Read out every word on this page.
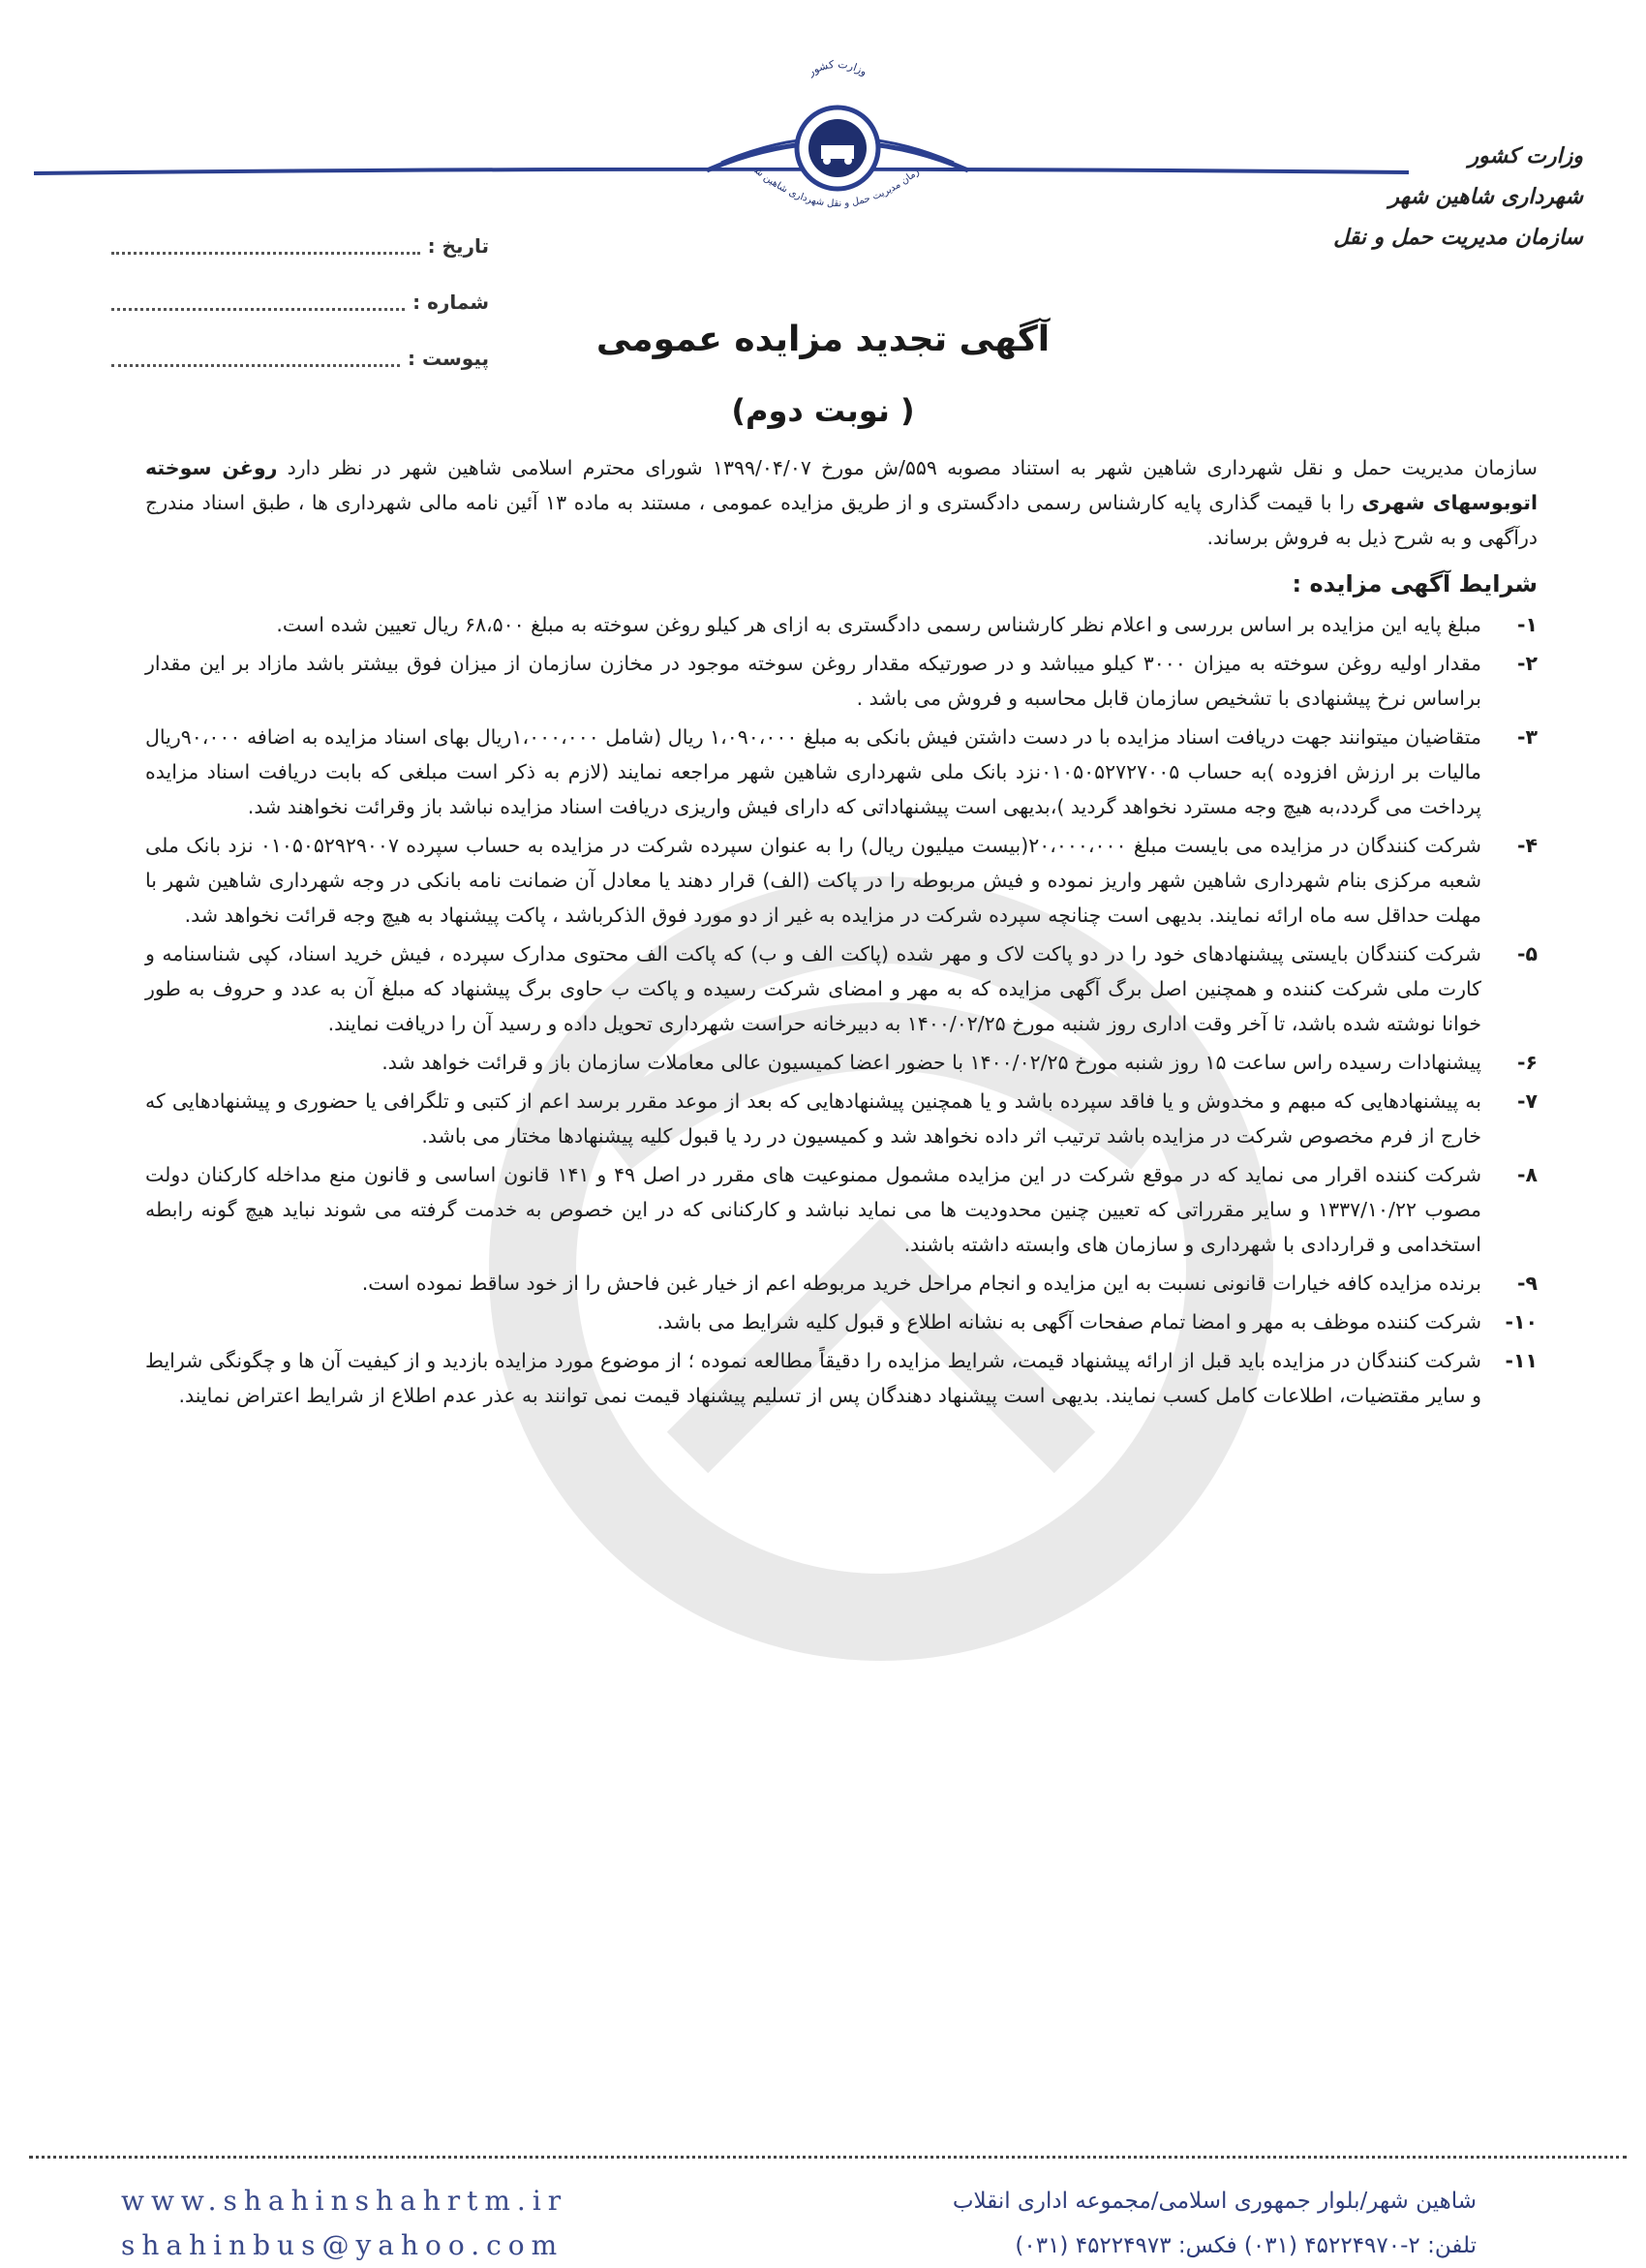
وزارت کشور
شهرداری شاهین شهر
سازمان مدیریت حمل و نقل
وزارت کشور
زمان مدیریت حمل و نقل شهرداری شاهین ش
تاریخ :
شماره :
پیوست :	آگهی تجدید مزایده عمومی
( نوبت دوم)

سازمان مدیریت حمل و نقل شهرداری شاهین شهر به استناد مصوبه ۵۵۹/ش مورخ ۱۳۹۹/۰۴/۰۷ شورای محترم اسلامی شاهین شهر در نظر دارد روغن سوخته اتوبوسهای شهری را با قیمت گذاری پایه کارشناس رسمی دادگستری و از طریق مزایده عمومی ، مستند به ماده ۱۳ آئین نامه مالی شهرداری ها ، طبق اسناد مندرج درآگهی و به شرح ذیل به فروش برساند.

شرایط آگهی مزایده :
۱-
مبلغ پایه این مزایده بر اساس بررسی و اعلام نظر کارشناس رسمی دادگستری به ازای هر کیلو روغن سوخته به مبلغ ۶۸،۵۰۰ ریال تعیین شده است.
۲-
مقدار اولیه روغن سوخته به میزان ۳۰۰۰ کیلو میباشد و در صورتیکه مقدار روغن سوخته موجود در مخازن سازمان از میزان فوق بیشتر باشد مازاد بر این مقدار براساس نرخ پیشنهادی با تشخیص سازمان قابل محاسبه و فروش می باشد .
۳-
متقاضیان میتوانند جهت دریافت اسناد مزایده با در دست داشتن فیش بانکی به مبلغ ۱،۰۹۰،۰۰۰ ریال (شامل ۱،۰۰۰،۰۰۰ریال بهای اسناد مزایده به اضافه ۹۰،۰۰۰ریال مالیات بر ارزش افزوده )به حساب ۰۱۰۵۰۵۲۷۲۷۰۰۵نزد بانک ملی شهرداری شاهین شهر مراجعه نمایند (لازم به ذکر است مبلغی که بابت دریافت اسناد مزایده پرداخت می گردد،به هیچ وجه مسترد نخواهد گردید )،بدیهی است پیشنهاداتی که دارای فیش واریزی دریافت اسناد مزایده نباشد باز وقرائت نخواهند شد.
۴-
شرکت کنندگان در مزایده می بایست مبلغ ۲۰،۰۰۰،۰۰۰(بیست میلیون ریال) را به عنوان سپرده شرکت در مزایده به حساب سپرده ۰۱۰۵۰۵۲۹۲۹۰۰۷ نزد بانک ملی شعبه مرکزی بنام شهرداری شاهین شهر واریز نموده و فیش مربوطه را در پاکت (الف) قرار دهند یا معادل آن ضمانت نامه بانکی در وجه شهرداری شاهین شهر با مهلت حداقل سه ماه ارائه نمایند. بدیهی است چنانچه سپرده شرکت در مزایده به غیر از دو مورد فوق الذکرباشد ، پاکت پیشنهاد به هیچ وجه قرائت نخواهد شد.
۵-
شرکت کنندگان بایستی پیشنهادهای خود را در دو پاکت لاک و مهر شده (پاکت الف و ب) که پاکت الف محتوی مدارک سپرده ، فیش خرید اسناد، کپی شناسنامه و کارت ملی شرکت کننده و همچنین اصل برگ آگهی مزایده که به مهر و امضای شرکت رسیده و پاکت ب حاوی برگ پیشنهاد که مبلغ آن به عدد و حروف به طور خوانا نوشته شده باشد، تا آخر وقت اداری روز شنبه مورخ ۱۴۰۰/۰۲/۲۵ به دبیرخانه حراست شهرداری تحویل داده و رسید آن را دریافت نمایند.
۶-
پیشنهادات رسیده راس ساعت ۱۵ روز شنبه مورخ ۱۴۰۰/۰۲/۲۵ با حضور اعضا کمیسیون عالی معاملات سازمان باز و قرائت خواهد شد.
۷-
به پیشنهادهایی که مبهم و مخدوش و یا فاقد سپرده باشد و یا همچنین پیشنهادهایی که بعد از موعد مقرر برسد اعم از کتبی و تلگرافی یا حضوری و پیشنهادهایی که خارج از فرم مخصوص شرکت در مزایده باشد ترتیب اثر داده نخواهد شد و کمیسیون در رد یا قبول کلیه پیشنهادها مختار می باشد.
۸-
شرکت کننده اقرار می نماید که در موقع شرکت در این مزایده مشمول ممنوعیت های مقرر در اصل ۴۹ و ۱۴۱ قانون اساسی و قانون منع مداخله کارکنان دولت مصوب ۱۳۳۷/۱۰/۲۲ و سایر مقرراتی که تعیین چنین محدودیت ها می نماید نباشد و کارکنانی که در این خصوص به خدمت گرفته می شوند نباید هیچ گونه رابطه استخدامی و قراردادی با شهرداری و سازمان های وابسته داشته باشند.
۹-
برنده مزایده کافه خیارات قانونی نسبت به این مزایده و انجام مراحل خرید مربوطه اعم از خیار غبن فاحش را از خود ساقط نموده است.
۱۰-
شرکت کننده موظف به مهر و امضا تمام صفحات آگهی به نشانه اطلاع و قبول کلیه شرایط می باشد.
۱۱-
شرکت کنندگان در مزایده باید قبل از ارائه پیشنهاد قیمت، شرایط مزایده را دقیقاً مطالعه نموده ؛ از موضوع مورد مزایده بازدید و از کیفیت آن ها و چگونگی شرایط و سایر مقتضیات، اطلاعات کامل کسب نمایند. بدیهی است پیشنهاد دهندگان پس از تسلیم پیشنهاد قیمت نمی توانند به عذر عدم اطلاع از شرایط اعتراض نمایند.
شاهین شهر/بلوار جمهوری اسلامی/مجموعه اداری انقلاب
تلفن: ۲-۴۵۲۲۴۹۷۰ (۰۳۱) فکس: ۴۵۲۲۴۹۷۳ (۰۳۱)
www.shahinshahrtm.ir
shahinbus@yahoo.com
